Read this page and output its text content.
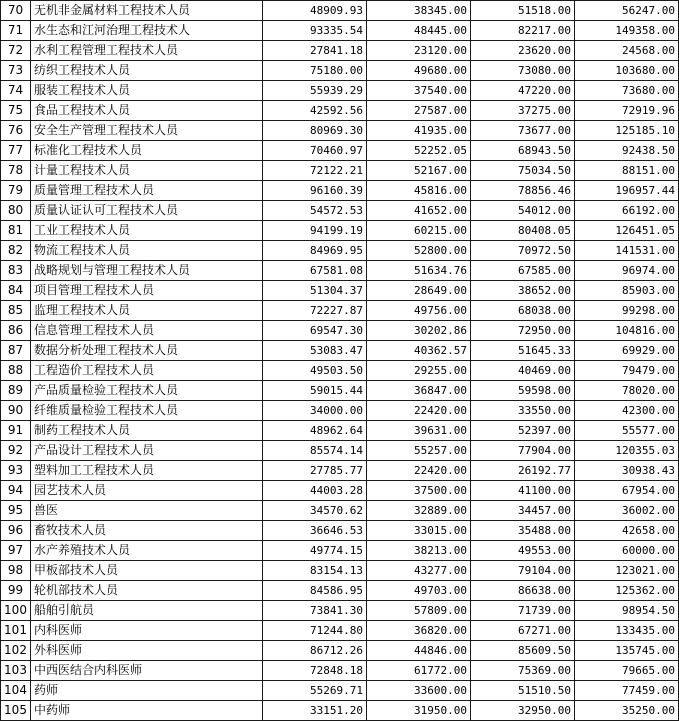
70	无机非金属材料工程技术人员	48909.93	38345.00	51518.00	56247.00
71	水生态和江河治理工程技术人	93335.54	48445.00	82217.00	149358.00
72	水利工程管理工程技术人员	27841.18	23120.00	23620.00	24568.00
73	纺织工程技术人员	75180.00	49680.00	73080.00	103680.00
74	服装工程技术人员	55939.29	37540.00	47220.00	73680.00
75	食品工程技术人员	42592.56	27587.00	37275.00	72919.96
76	安全生产管理工程技术人员	80969.30	41935.00	73677.00	125185.10
77	标准化工程技术人员	70460.97	52252.05	68943.50	92438.50
78	计量工程技术人员	72122.21	52167.00	75034.50	88151.00
79	质量管理工程技术人员	96160.39	45816.00	78856.46	196957.44
80	质量认证认可工程技术人员	54572.53	41652.00	54012.00	66192.00
81	工业工程技术人员	94199.19	60215.00	80408.05	126451.05
82	物流工程技术人员	84969.95	52800.00	70972.50	141531.00
83	战略规划与管理工程技术人员	67581.08	51634.76	67585.00	96974.00
84	项目管理工程技术人员	51304.37	28649.00	38652.00	85903.00
85	监理工程技术人员	72227.87	49756.00	68038.00	99298.00
86	信息管理工程技术人员	69547.30	30202.86	72950.00	104816.00
87	数据分析处理工程技术人员	53083.47	40362.57	51645.33	69929.00
88	工程造价工程技术人员	49503.50	29255.00	40469.00	79479.00
89	产品质量检验工程技术人员	59015.44	36847.00	59598.00	78020.00
90	纤维质量检验工程技术人员	34000.00	22420.00	33550.00	42300.00
91	制药工程技术人员	48962.64	39631.00	52397.00	55577.00
92	产品设计工程技术人员	85574.14	55257.00	77904.00	120355.03
93	塑料加工工程技术人员	27785.77	22420.00	26192.77	30938.43
94	园艺技术人员	44003.28	37500.00	41100.00	67954.00
95	兽医	34570.62	32889.00	34457.00	36002.00
96	畜牧技术人员	36646.53	33015.00	35488.00	42658.00
97	水产养殖技术人员	49774.15	38213.00	49553.00	60000.00
98	甲板部技术人员	83154.13	43277.00	79104.00	123021.00
99	轮机部技术人员	84586.95	49703.00	86638.00	125362.00
100	船舶引航员	73841.30	57809.00	71739.00	98954.50
101	内科医师	71244.80	36820.00	67271.00	133435.00
102	外科医师	86712.26	44846.00	85609.50	135745.00
103	中西医结合内科医师	72848.18	61772.00	75369.00	79665.00
104	药师	55269.71	33600.00	51510.50	77459.00
105	中药师	33151.20	31950.00	32950.00	35250.00
